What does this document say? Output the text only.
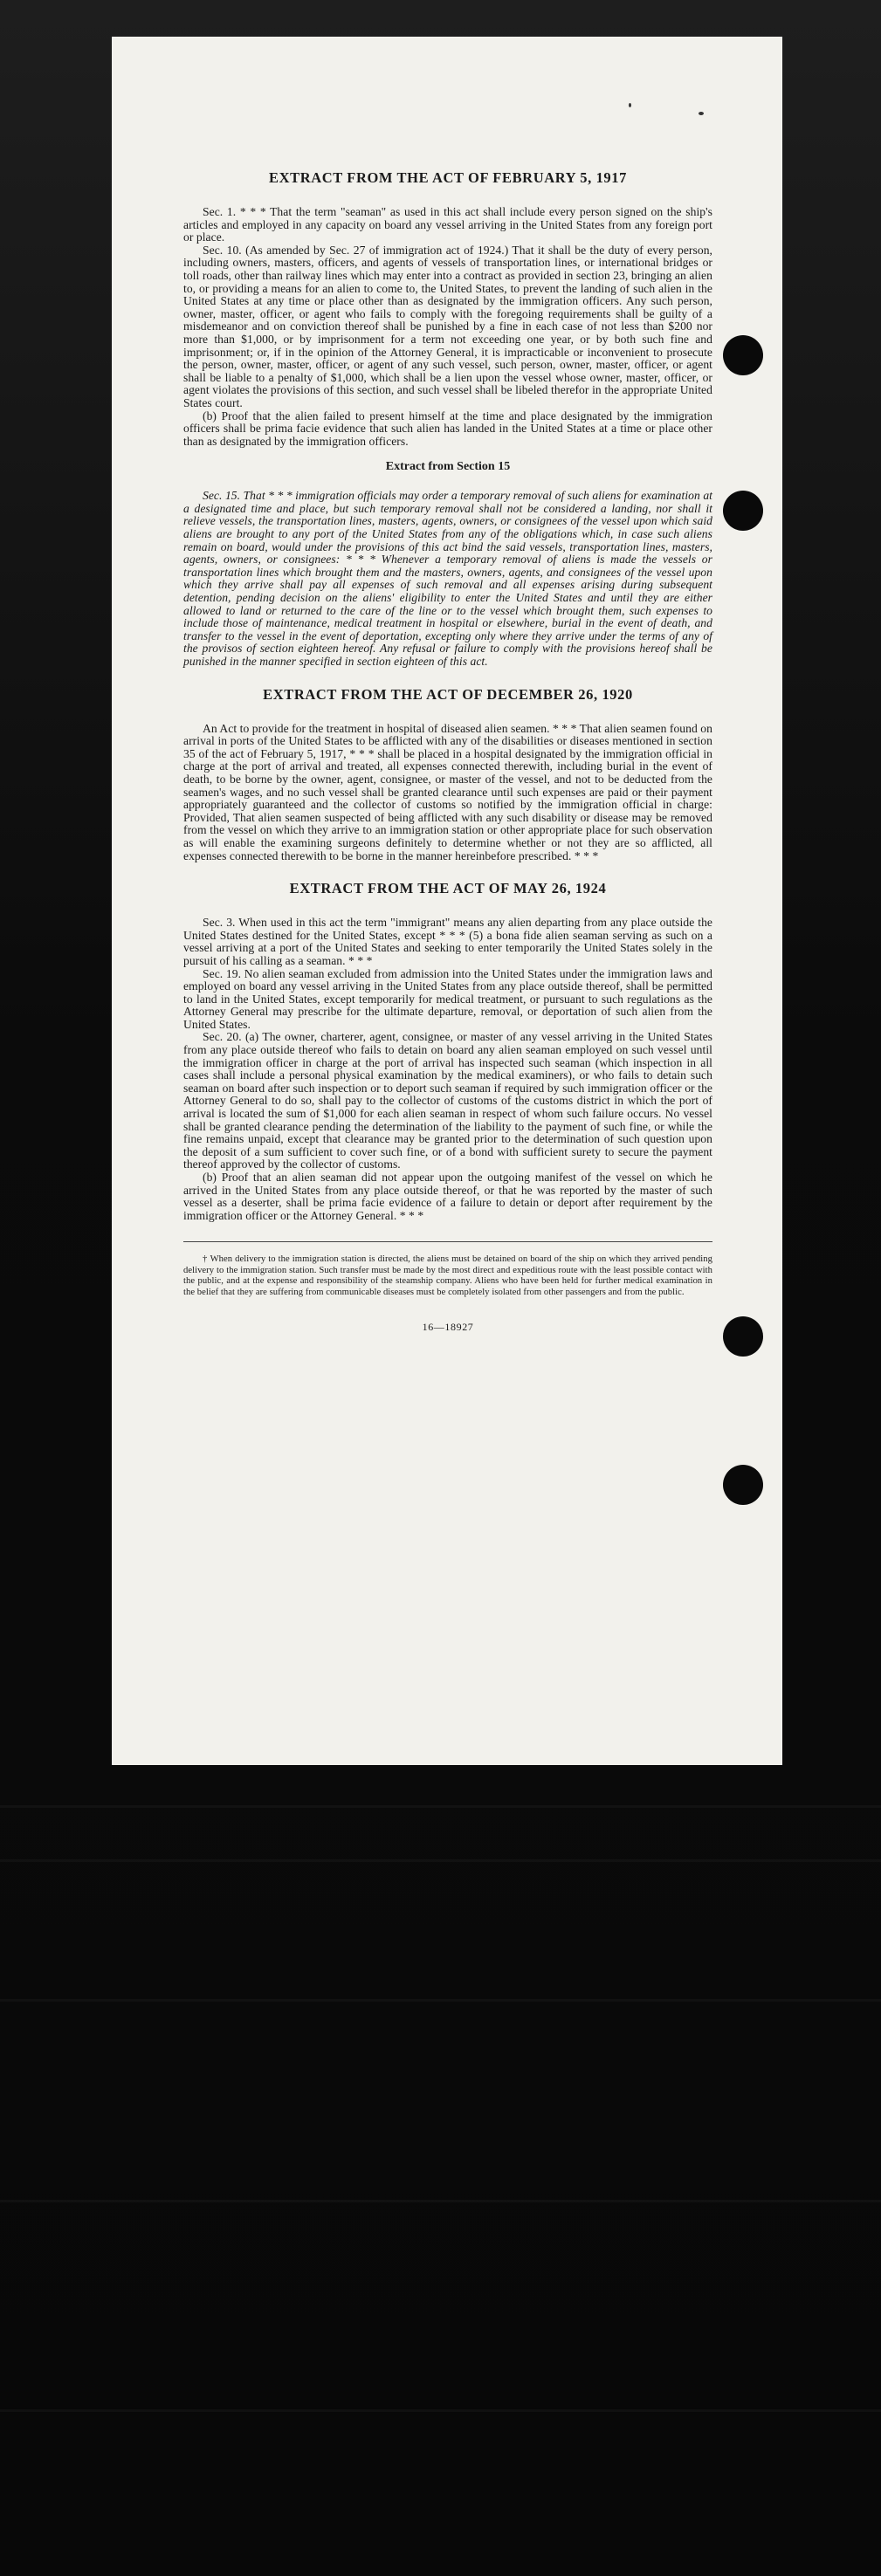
EXTRACT FROM THE ACT OF FEBRUARY 5, 1917

Sec. 1. * * * That the term "seaman" as used in this act shall include every person signed on the ship's articles and employed in any capacity on board any vessel arriving in the United States from any foreign port or place.

Sec. 10. (As amended by Sec. 27 of immigration act of 1924.) That it shall be the duty of every person, including owners, masters, officers, and agents of vessels of transportation lines, or international bridges or toll roads, other than railway lines which may enter into a contract as provided in section 23, bringing an alien to, or providing a means for an alien to come to, the United States, to prevent the landing of such alien in the United States at any time or place other than as designated by the immigration officers. Any such person, owner, master, officer, or agent who fails to comply with the foregoing requirements shall be guilty of a misdemeanor and on conviction thereof shall be punished by a fine in each case of not less than $200 nor more than $1,000, or by imprisonment for a term not exceeding one year, or by both such fine and imprisonment; or, if in the opinion of the Attorney General, it is impracticable or inconvenient to prosecute the person, owner, master, officer, or agent of any such vessel, such person, owner, master, officer, or agent shall be liable to a penalty of $1,000, which shall be a lien upon the vessel whose owner, master, officer, or agent violates the provisions of this section, and such vessel shall be libeled therefor in the appropriate United States court.

(b) Proof that the alien failed to present himself at the time and place designated by the immigration officers shall be prima facie evidence that such alien has landed in the United States at a time or place other than as designated by the immigration officers.

Extract from Section 15

Sec. 15. That * * * immigration officials may order a temporary removal of such aliens for examination at a designated time and place, but such temporary removal shall not be considered a landing, nor shall it relieve vessels, the transportation lines, masters, agents, owners, or consignees of the vessel upon which said aliens are brought to any port of the United States from any of the obligations which, in case such aliens remain on board, would under the provisions of this act bind the said vessels, transportation lines, masters, agents, owners, or consignees: * * * Whenever a temporary removal of aliens is made the vessels or transportation lines which brought them and the masters, owners, agents, and consignees of the vessel upon which they arrive shall pay all expenses of such removal and all expenses arising during subsequent detention, pending decision on the aliens' eligibility to enter the United States and until they are either allowed to land or returned to the care of the line or to the vessel which brought them, such expenses to include those of maintenance, medical treatment in hospital or elsewhere, burial in the event of death, and transfer to the vessel in the event of deportation, excepting only where they arrive under the terms of any of the provisos of section eighteen hereof. Any refusal or failure to comply with the provisions hereof shall be punished in the manner specified in section eighteen of this act.

EXTRACT FROM THE ACT OF DECEMBER 26, 1920

An Act to provide for the treatment in hospital of diseased alien seamen. * * * That alien seamen found on arrival in ports of the United States to be afflicted with any of the disabilities or diseases mentioned in section 35 of the act of February 5, 1917, * * * shall be placed in a hospital designated by the immigration official in charge at the port of arrival and treated, all expenses connected therewith, including burial in the event of death, to be borne by the owner, agent, consignee, or master of the vessel, and not to be deducted from the seamen's wages, and no such vessel shall be granted clearance until such expenses are paid or their payment appropriately guaranteed and the collector of customs so notified by the immigration official in charge: Provided, That alien seamen suspected of being afflicted with any such disability or disease may be removed from the vessel on which they arrive to an immigration station or other appropriate place for such observation as will enable the examining surgeons definitely to determine whether or not they are so afflicted, all expenses connected therewith to be borne in the manner hereinbefore prescribed. * * *

EXTRACT FROM THE ACT OF MAY 26, 1924

Sec. 3. When used in this act the term "immigrant" means any alien departing from any place outside the United States destined for the United States, except * * * (5) a bona fide alien seaman serving as such on a vessel arriving at a port of the United States and seeking to enter temporarily the United States solely in the pursuit of his calling as a seaman. * * *

Sec. 19. No alien seaman excluded from admission into the United States under the immigration laws and employed on board any vessel arriving in the United States from any place outside thereof, shall be permitted to land in the United States, except temporarily for medical treatment, or pursuant to such regulations as the Attorney General may prescribe for the ultimate departure, removal, or deportation of such alien from the United States.

Sec. 20. (a) The owner, charterer, agent, consignee, or master of any vessel arriving in the United States from any place outside thereof who fails to detain on board any alien seaman employed on such vessel until the immigration officer in charge at the port of arrival has inspected such seaman (which inspection in all cases shall include a personal physical examination by the medical examiners), or who fails to detain such seaman on board after such inspection or to deport such seaman if required by such immigration officer or the Attorney General to do so, shall pay to the collector of customs of the customs district in which the port of arrival is located the sum of $1,000 for each alien seaman in respect of whom such failure occurs. No vessel shall be granted clearance pending the determination of the liability to the payment of such fine, or while the fine remains unpaid, except that clearance may be granted prior to the determination of such question upon the deposit of a sum sufficient to cover such fine, or of a bond with sufficient surety to secure the payment thereof approved by the collector of customs.

(b) Proof that an alien seaman did not appear upon the outgoing manifest of the vessel on which he arrived in the United States from any place outside thereof, or that he was reported by the master of such vessel as a deserter, shall be prima facie evidence of a failure to detain or deport after requirement by the immigration officer or the Attorney General. * * *

† When delivery to the immigration station is directed, the aliens must be detained on board of the ship on which they arrived pending delivery to the immigration station. Such transfer must be made by the most direct and expeditious route with the least possible contact with the public, and at the expense and responsibility of the steamship company. Aliens who have been held for further medical examination in the belief that they are suffering from communicable diseases must be completely isolated from other passengers and from the public.

16—18927
